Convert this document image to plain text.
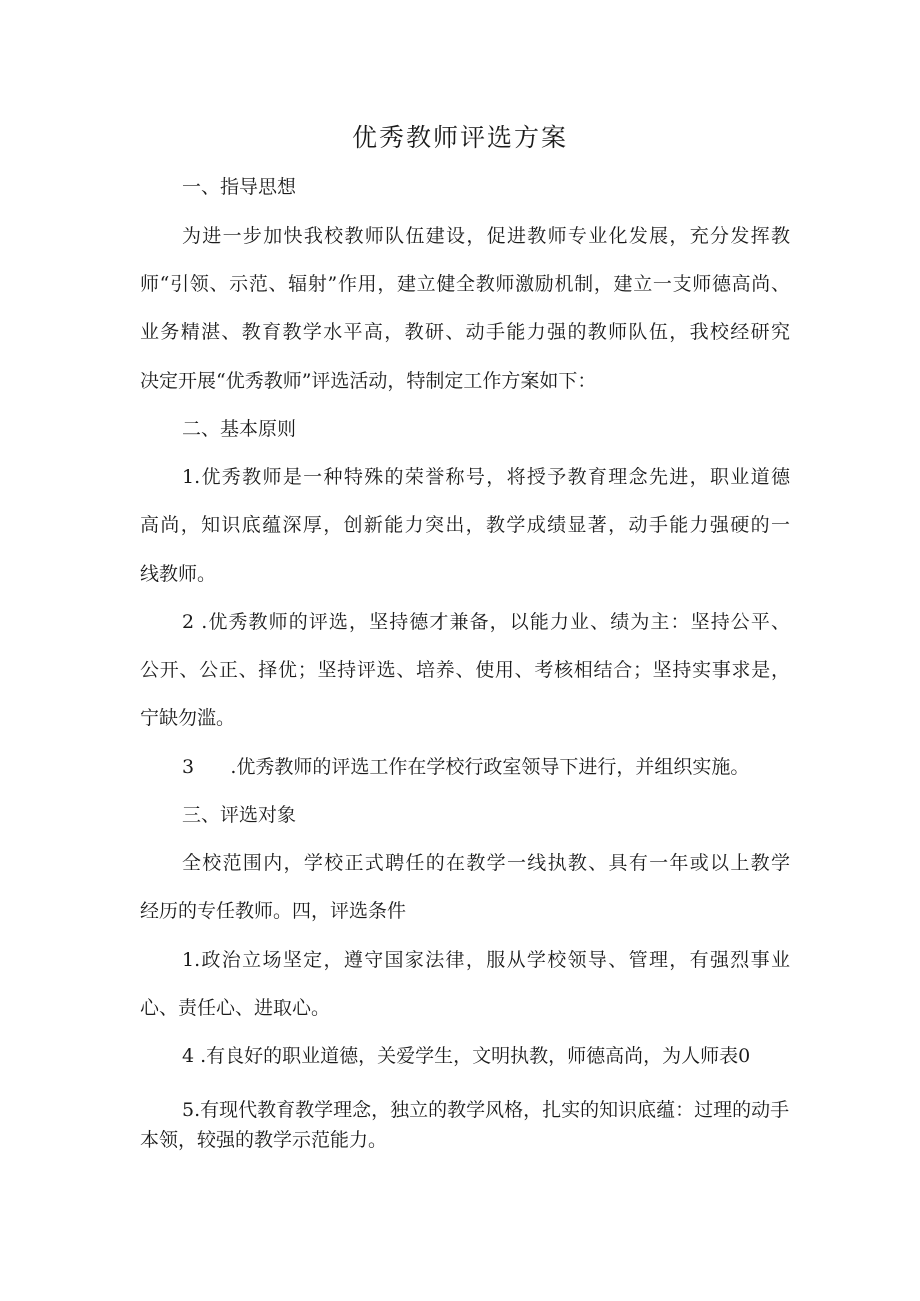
优秀教师评选方案
一、指导思想
为进一步加快我校教师队伍建设，促进教师专业化发展，充分发挥教
师“引领、示范、辐射”作用，建立健全教师激励机制，建立一支师德高尚、
业务精湛、教育教学水平高，教研、动手能力强的教师队伍，我校经研究
决定开展“优秀教师”评选活动，特制定工作方案如下：
二、基本原则
1.优秀教师是一种特殊的荣誉称号，将授予教育理念先进，职业道德
高尚，知识底蕴深厚，创新能力突出，教学成绩显著，动手能力强硬的一
线教师。
2 .优秀教师的评选，坚持德才兼备，以能力业、绩为主：坚持公平、
公开、公正、择优；坚持评选、培养、使用、考核相结合；坚持实事求是，
宁缺勿滥。
3      .优秀教师的评选工作在学校行政室领导下进行，并组织实施。
三、评选对象
全校范围内，学校正式聘任的在教学一线执教、具有一年或以上教学
经历的专任教师。四，评选条件
1.政治立场坚定，遵守国家法律，服从学校领导、管理，有强烈事业
心、责任心、进取心。
4 .有良好的职业道德，关爱学生，文明执教，师德高尚，为人师表0
5.有现代教育教学理念，独立的教学风格，扎实的知识底蕴：过理的动手本领，较强的教学示范能力。
